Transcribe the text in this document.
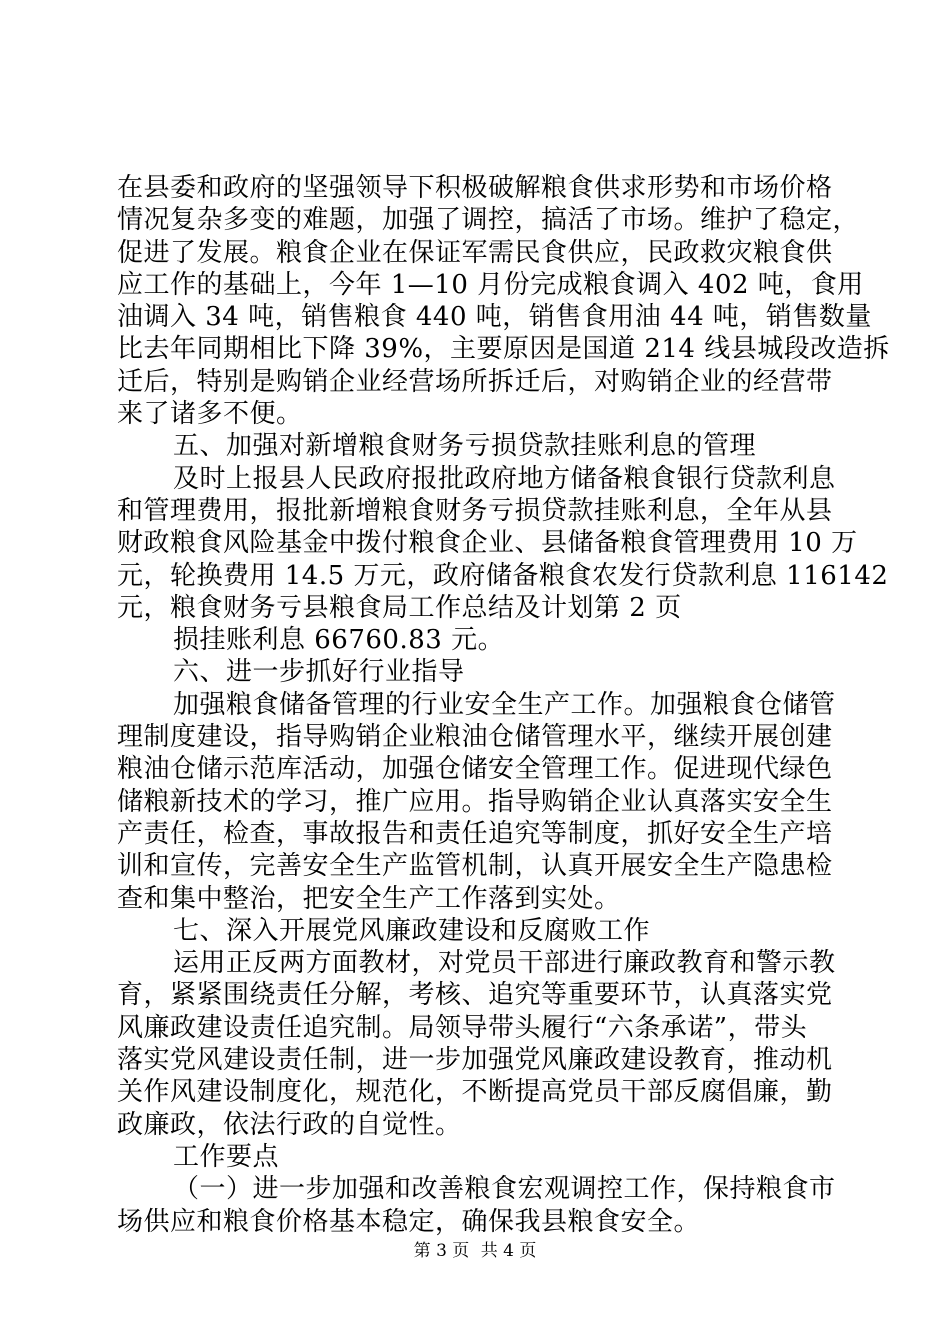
在县委和政府的坚强领导下积极破解粮食供求形势和市场价格
情况复杂多变的难题，加强了调控，搞活了市场。维护了稳定，
促进了发展。粮食企业在保证军需民食供应，民政救灾粮食供
应工作的基础上，今年 1—10 月份完成粮食调入 402 吨，食用
油调入 34 吨，销售粮食 440 吨，销售食用油 44 吨，销售数量
比去年同期相比下降 39%，主要原因是国道 214 线县城段改造拆
迁后，特别是购销企业经营场所拆迁后，对购销企业的经营带
来了诸多不便。
五、加强对新增粮食财务亏损贷款挂账利息的管理
及时上报县人民政府报批政府地方储备粮食银行贷款利息
和管理费用，报批新增粮食财务亏损贷款挂账利息，全年从县
财政粮食风险基金中拨付粮食企业、县储备粮食管理费用 10 万
元，轮换费用 14.5 万元，政府储备粮食农发行贷款利息 116142
元，粮食财务亏县粮食局工作总结及计划第 2 页
损挂账利息 66760.83 元。
六、进一步抓好行业指导
加强粮食储备管理的行业安全生产工作。加强粮食仓储管
理制度建设，指导购销企业粮油仓储管理水平，继续开展创建
粮油仓储示范库活动，加强仓储安全管理工作。促进现代绿色
储粮新技术的学习，推广应用。指导购销企业认真落实安全生
产责任，检查，事故报告和责任追究等制度，抓好安全生产培
训和宣传，完善安全生产监管机制，认真开展安全生产隐患检
查和集中整治，把安全生产工作落到实处。
七、深入开展党风廉政建设和反腐败工作
运用正反两方面教材，对党员干部进行廉政教育和警示教
育，紧紧围绕责任分解，考核、追究等重要环节，认真落实党
风廉政建设责任追究制。局领导带头履行“六条承诺”，带头
落实党风建设责任制，进一步加强党风廉政建设教育，推动机
关作风建设制度化，规范化，不断提高党员干部反腐倡廉，勤
政廉政，依法行政的自觉性。
工作要点
（一）进一步加强和改善粮食宏观调控工作，保持粮食市
场供应和粮食价格基本稳定，确保我县粮食安全。
第 3 页 共 4 页
